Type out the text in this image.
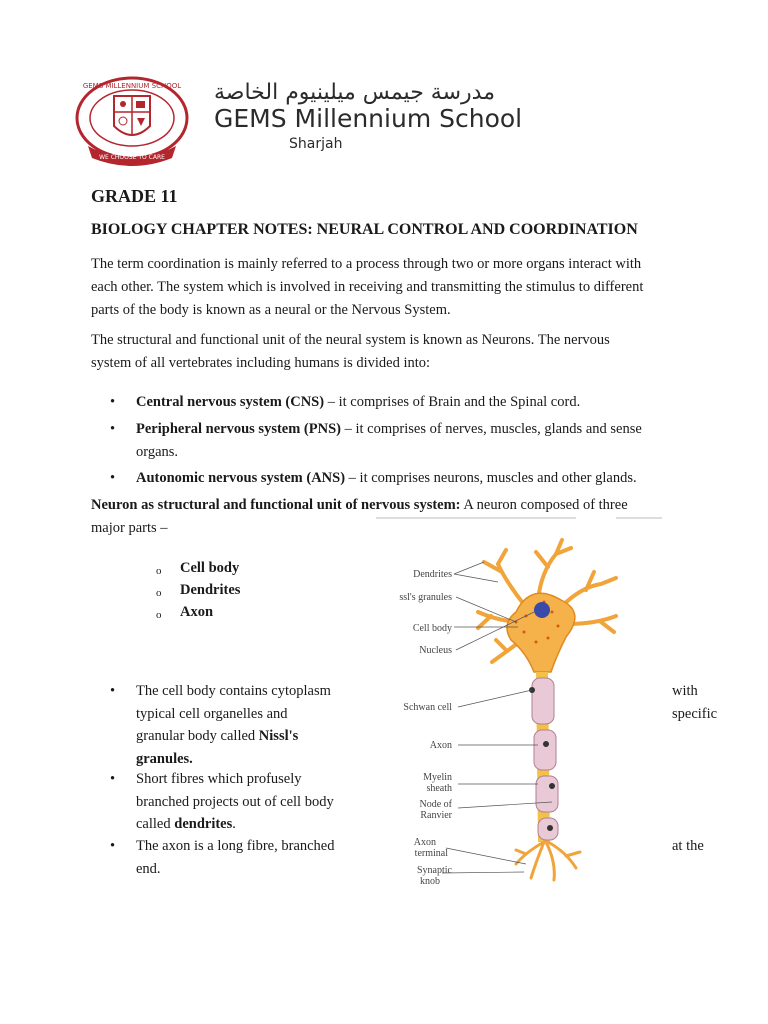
GEMS MILLENNIUM SCHOOL
WE CHOOSE TO CARE
مدرسة جيمس ميلينيوم الخاصة
GEMS Millennium School
Sharjah
GRADE 11
BIOLOGY CHAPTER NOTES: NEURAL CONTROL AND COORDINATION
The term coordination is mainly referred to a process through two or more organs interact with
each other. The system which is involved in receiving and transmitting the stimulus to different
parts of the body is known as a neural or the Nervous System.
The structural and functional unit of the neural system is known as Neurons. The nervous
system of all vertebrates including humans is divided into:
• Central nervous system (CNS) – it comprises of Brain and the Spinal cord.
• Peripheral nervous system (PNS) – it comprises of nerves, muscles, glands and sense
organs.
• Autonomic nervous system (ANS) – it comprises neurons, muscles and other glands.
Neuron as structural and functional unit of nervous system: A neuron composed of three
major parts –
o Cell body
o Dendrites
o Axon
• The cell body contains cytoplasm
typical cell organelles and
granular body called Nissl's
granules.
with
specific
• Short fibres which profusely
branched projects out of cell body
called dendrites.
• The axon is a long fibre, branched
end.
at the
Dendrites
ssl's granules
Cell body
Nucleus
Schwan cell
Axon
Myelin
sheath
Node of
Ranvier
Axon
terminal
Synaptic
knob
